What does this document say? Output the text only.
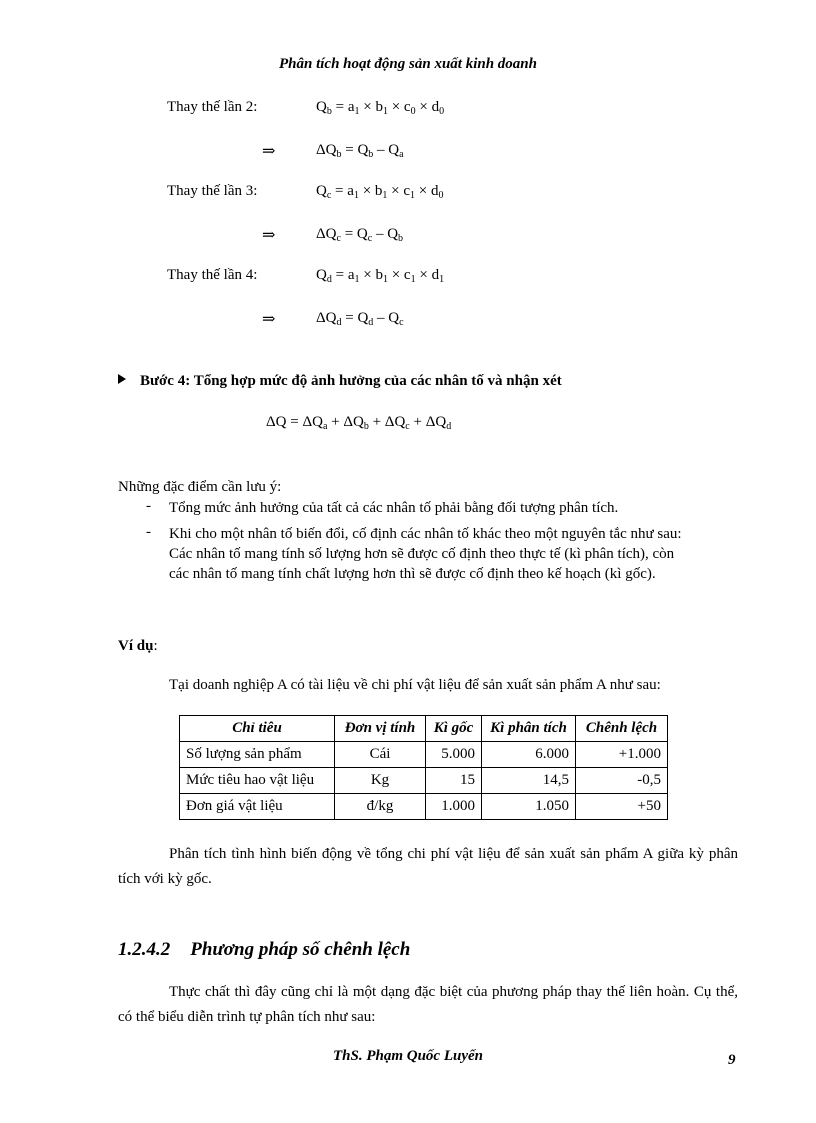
Phân tích hoạt động sản xuất kinh doanh
Thay thế lần 2:	$Q_b = a_1 \times b_1 \times c_0 \times d_0$
⇒	$\Delta Q_b = Q_b - Q_a$
Thay thế lần 3:	$Q_c = a_1 \times b_1 \times c_1 \times d_0$
⇒	$\Delta Q_c = Q_c - Q_b$
Thay thế lần 4:	$Q_d = a_1 \times b_1 \times c_1 \times d_1$
⇒	$\Delta Q_d = Q_d - Q_c$
Bước 4: Tổng hợp mức độ ảnh hưởng của các nhân tố và nhận xét
$\Delta Q = \Delta Q_a + \Delta Q_b + \Delta Q_c + \Delta Q_d$
Những đặc điểm cần lưu ý:
- Tổng mức ảnh hưởng của tất cả các nhân tố phải bằng đối tượng phân tích.
- Khi cho một nhân tố biến đổi, cố định các nhân tố khác theo một nguyên tắc như sau:
Các nhân tố mang tính số lượng hơn sẽ được cố định theo thực tế (kì phân tích), còn
các nhân tố mang tính chất lượng hơn thì sẽ được cố định theo kế hoạch (kì gốc).
Ví dụ:
Tại doanh nghiệp A có tài liệu về chi phí vật liệu để sản xuất sản phẩm A như sau:
Chỉ tiêu	Đơn vị tính	Kì gốc	Kì phân tích	Chênh lệch
Số lượng sản phẩm	Cái	5.000	6.000	+1.000
Mức tiêu hao vật liệu	Kg	15	14,5	-0,5
Đơn giá vật liệu	đ/kg	1.000	1.050	+50
Phân tích tình hình biến động về tổng chi phí vật liệu để sản xuất sản phẩm A giữa kỳ phân tích với kỳ gốc.
1.2.4.2 Phương pháp số chênh lệch
Thực chất thì đây cũng chỉ là một dạng đặc biệt của phương pháp thay thế liên hoàn. Cụ thể, có thể biểu diễn trình tự phân tích như sau:
ThS. Phạm Quốc Luyến	9
